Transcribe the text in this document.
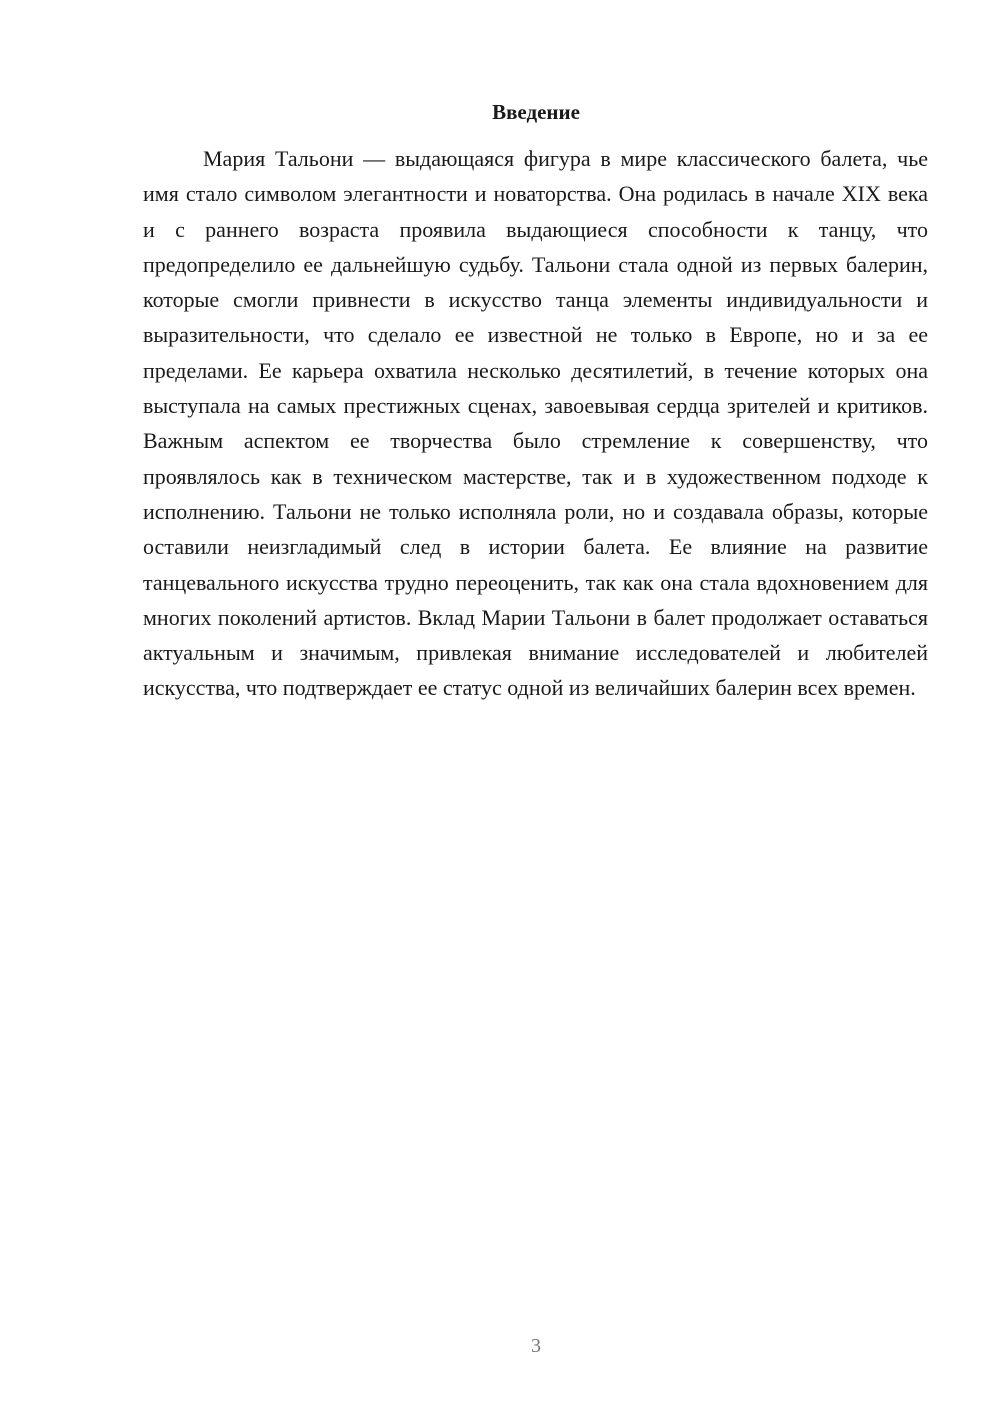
Введение

Мария Тальони — выдающаяся фигура в мире классического балета, чье имя стало символом элегантности и новаторства. Она родилась в начале XIX века и с раннего возраста проявила выдающиеся способности к танцу, что предопределило ее дальнейшую судьбу. Тальони стала одной из первых балерин, которые смогли привнести в искусство танца элементы индивидуальности и выразительности, что сделало ее известной не только в Европе, но и за ее пределами. Ее карьера охватила несколько десятилетий, в течение которых она выступала на самых престижных сценах, завоевывая сердца зрителей и критиков. Важным аспектом ее творчества было стремление к совершенству, что проявлялось как в техническом мастерстве, так и в художественном подходе к исполнению. Тальони не только исполняла роли, но и создавала образы, которые оставили неизгладимый след в истории балета. Ее влияние на развитие танцевального искусства трудно переоценить, так как она стала вдохновением для многих поколений артистов. Вклад Марии Тальони в балет продолжает оставаться актуальным и значимым, привлекая внимание исследователей и любителей искусства, что подтверждает ее статус одной из величайших балерин всех времен.

3
